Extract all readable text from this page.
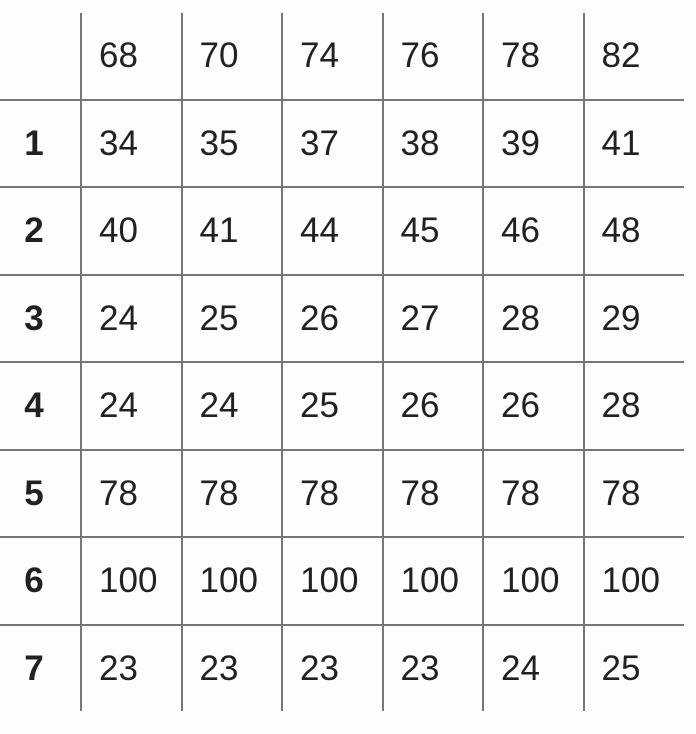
	68	70	74	76	78	82
1	34	35	37	38	39	41
2	40	41	44	45	46	48
3	24	25	26	27	28	29
4	24	24	25	26	26	28
5	78	78	78	78	78	78
6	100	100	100	100	100	100
7	23	23	23	23	24	25
